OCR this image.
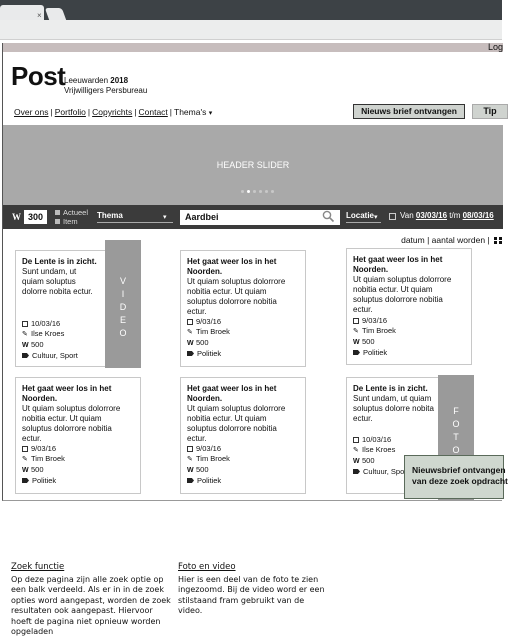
×
Log
Post
Leeuwarden 2018
Vrijwilligers Persbureau
Over ons | Portfolio | Copyrichts | Contact | Thema's ▾	Nieuws brief ontvangen	Tip
HEADER SLIDER
W 300	Actueel
Item
Thema	▾	Aardbei	Locatie ▾	Van 03/03/16 t/m 08/03/16
datum | aantal worden |
De Lente is in zicht.

Sunt undam, ut quiam soluptus dolorre nobita ectur.
10/03/16
✎ Ilse Kroes
W 500
Cultuur, Sport
V
I
D
E
O
Het gaat weer los in het Noorden.

Ut quiam soluptus dolorrore nobitia ectur. Ut quiam soluptus dolorrore nobitia ectur.
9/03/16
✎ Tim Broek
W 500
Politiek
Het gaat weer los in het Noorden.

Ut quiam soluptus dolorrore nobitia ectur. Ut quiam soluptus dolorrore nobitia ectur.
9/03/16
✎ Tim Broek
W 500
Politiek
Het gaat weer los in het Noorden.

Ut quiam soluptus dolorrore nobitia ectur. Ut quiam soluptus dolorrore nobitia ectur.
9/03/16
✎ Tim Broek
W 500
Politiek
Het gaat weer los in het Noorden.

Ut quiam soluptus dolorrore nobitia ectur. Ut quiam soluptus dolorrore nobitia ectur.
9/03/16
✎ Tim Broek
W 500
Politiek
De Lente is in zicht.

Sunt undam, ut quiam soluptus dolorre nobita ectur.
10/03/16
✎ Ilse Kroes
W 500
Cultuur, Spo
F
O
T
O
Nieuwsbrief ontvangen
van deze zoek opdracht
Zoek functie

Op deze pagina zijn alle zoek optie op een balk verdeeld. Als er in in de zoek opties word aangepast, worden de zoek resultaten ook aangepast. Hiervoor hoeft de pagina niet opnieuw worden opgeladen

Foto en video

Hier is een deel van de foto te zien ingezoomd. Bij de video word er een stilstaand fram gebruikt van de video.
